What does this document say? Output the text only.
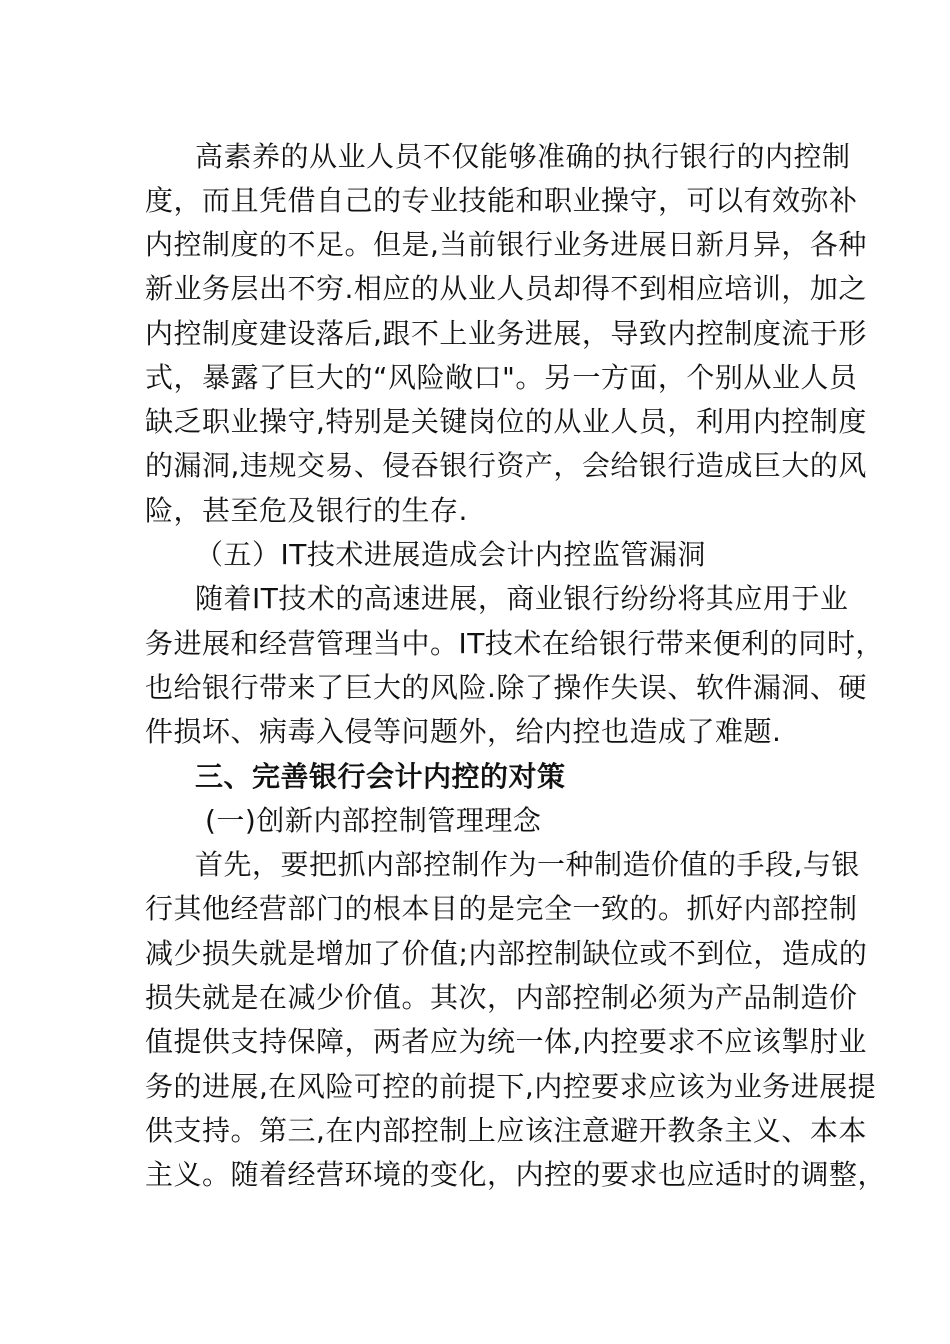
高素养的从业人员不仅能够准确的执行银行的内控制
度，而且凭借自己的专业技能和职业操守，可以有效弥补
内控制度的不足。但是,当前银行业务进展日新月异，各种
新业务层出不穷.相应的从业人员却得不到相应培训，加之
内控制度建设落后,跟不上业务进展，导致内控制度流于形
式，暴露了巨大的“风险敞口"。另一方面，个别从业人员
缺乏职业操守,特别是关键岗位的从业人员，利用内控制度
的漏洞,违规交易、侵吞银行资产，会给银行造成巨大的风
险，甚至危及银行的生存.
（五）IT技术进展造成会计内控监管漏洞
随着IT技术的高速进展，商业银行纷纷将其应用于业
务进展和经营管理当中。IT技术在给银行带来便利的同时，
也给银行带来了巨大的风险.除了操作失误、软件漏洞、硬
件损坏、病毒入侵等问题外，给内控也造成了难题.
三、完善银行会计内控的对策
(一)创新内部控制管理理念
首先，要把抓内部控制作为一种制造价值的手段,与银
行其他经营部门的根本目的是完全一致的。抓好内部控制
减少损失就是增加了价值;内部控制缺位或不到位，造成的
损失就是在减少价值。其次，内部控制必须为产品制造价
值提供支持保障，两者应为统一体,内控要求不应该掣肘业
务的进展,在风险可控的前提下,内控要求应该为业务进展提
供支持。第三,在内部控制上应该注意避开教条主义、本本
主义。随着经营环境的变化，内控的要求也应适时的调整，
